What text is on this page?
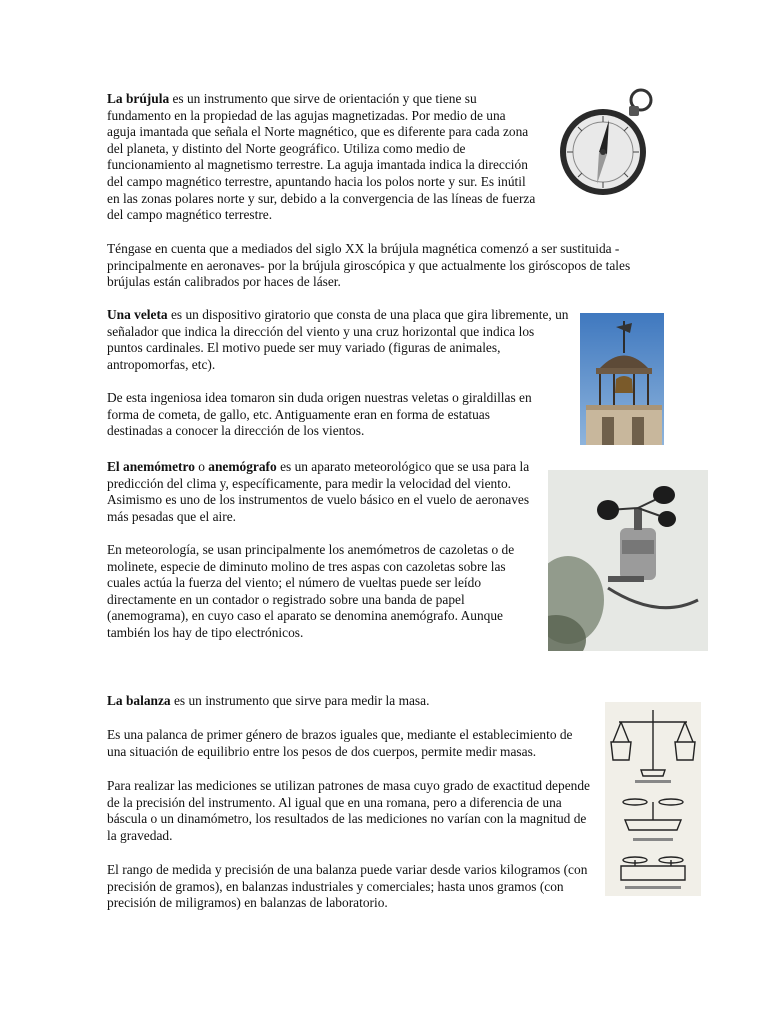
La brújula es un instrumento que sirve de orientación y que tiene su fundamento en la propiedad de las agujas magnetizadas. Por medio de una aguja imantada que señala el Norte magnético, que es diferente para cada zona del planeta, y distinto del Norte geográfico. Utiliza como medio de funcionamiento al magnetismo terrestre. La aguja imantada indica la dirección del campo magnético terrestre, apuntando hacia los polos norte y sur. Es inútil en las zonas polares norte y sur, debido a la convergencia de las líneas de fuerza del campo magnético terrestre.

Téngase en cuenta que a mediados del siglo XX la brújula magnética comenzó a ser sustituida -principalmente en aeronaves- por la brújula giroscópica y que actualmente los giróscopos de tales brújulas están calibrados por haces de láser.

Una veleta es un dispositivo giratorio que consta de una placa que gira libremente, un señalador que indica la dirección del viento y una cruz horizontal que indica los puntos cardinales. El motivo puede ser muy variado (figuras de animales, antropomorfas, etc).

De esta ingeniosa idea tomaron sin duda origen nuestras veletas o giraldillas en forma de cometa, de gallo, etc. Antiguamente eran en forma de estatuas destinadas a conocer la dirección de los vientos.

El anemómetro o anemógrafo es un aparato meteorológico que se usa para la predicción del clima y, específicamente, para medir la velocidad del viento. Asimismo es uno de los instrumentos de vuelo básico en el vuelo de aeronaves más pesadas que el aire.

En meteorología, se usan principalmente los anemómetros de cazoletas o de molinete, especie de diminuto molino de tres aspas con cazoletas sobre las cuales actúa la fuerza del viento; el número de vueltas puede ser leído directamente en un contador o registrado sobre una banda de papel (anemograma), en cuyo caso el aparato se denomina anemógrafo. Aunque también los hay de tipo electrónicos.

La balanza es un instrumento que sirve para medir la masa.

Es una palanca de primer género de brazos iguales que, mediante el establecimiento de una situación de equilibrio entre los pesos de dos cuerpos, permite medir masas.

Para realizar las mediciones se utilizan patrones de masa cuyo grado de exactitud depende de la precisión del instrumento. Al igual que en una romana, pero a diferencia de una báscula o un dinamómetro, los resultados de las mediciones no varían con la magnitud de la gravedad.

El rango de medida y precisión de una balanza puede variar desde varios kilogramos (con precisión de gramos), en balanzas industriales y comerciales; hasta unos gramos (con precisión de miligramos) en balanzas de laboratorio.
